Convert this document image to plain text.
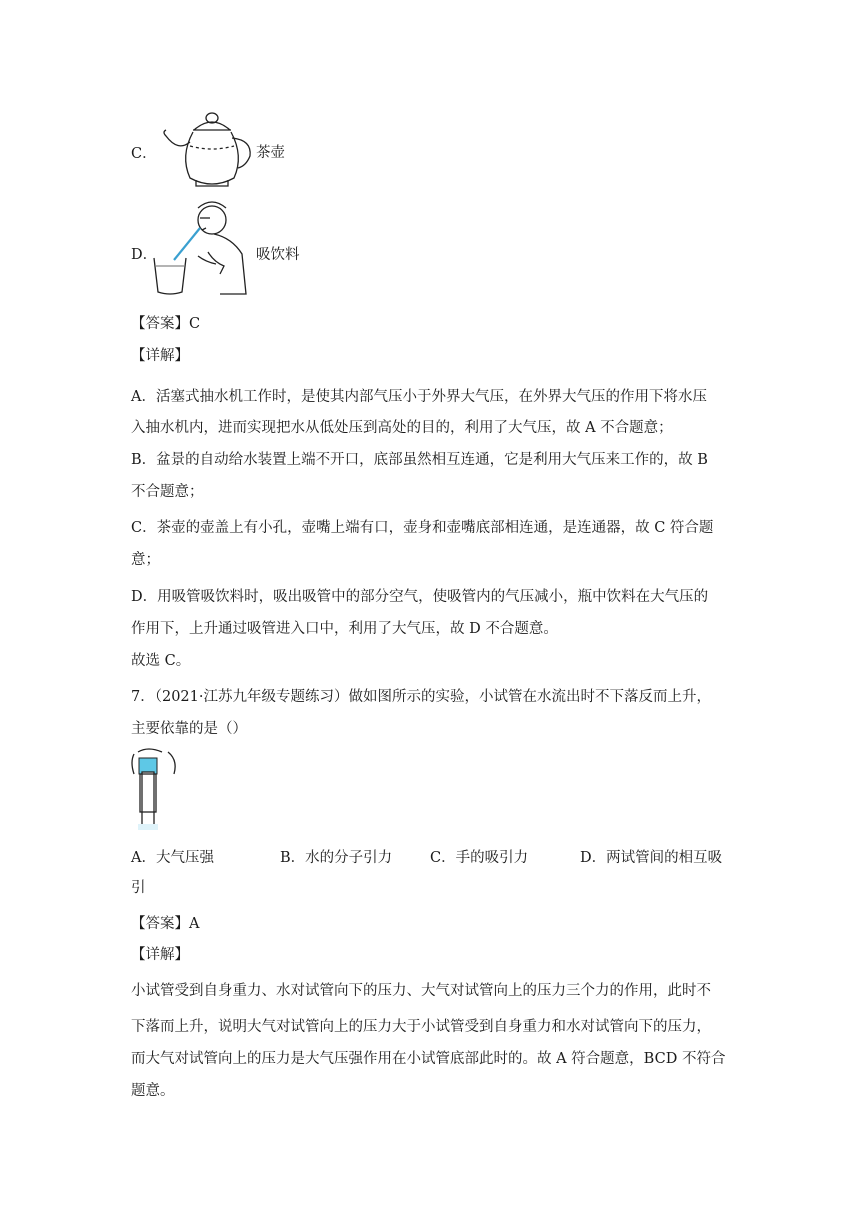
C．	茶壶
D．	吸饮料
【答案】C
【详解】
A．活塞式抽水机工作时，是使其内部气压小于外界大气压，在外界大气压的作用下将水压
入抽水机内，进而实现把水从低处压到高处的目的，利用了大气压，故 A 不合题意；
B．盆景的自动给水装置上端不开口，底部虽然相互连通，它是利用大气压来工作的，故 B
不合题意；
C．茶壶的壶盖上有小孔，壶嘴上端有口，壶身和壶嘴底部相连通，是连通器，故 C 符合题
意；
D．用吸管吸饮料时，吸出吸管中的部分空气，使吸管内的气压减小，瓶中饮料在大气压的
作用下，上升通过吸管进入口中，利用了大气压，故 D 不合题意。
故选 C。
7．（2021·江苏九年级专题练习）做如图所示的实验，小试管在水流出时不下落反而上升，
主要依靠的是（）
A．大气压强	B．水的分子引力	C．手的吸引力	D．两试管间的相互吸
引
【答案】A
【详解】
小试管受到自身重力、水对试管向下的压力、大气对试管向上的压力三个力的作用，此时不
下落而上升，说明大气对试管向上的压力大于小试管受到自身重力和水对试管向下的压力，
而大气对试管向上的压力是大气压强作用在小试管底部此时的。故 A 符合题意，BCD 不符合
题意。
